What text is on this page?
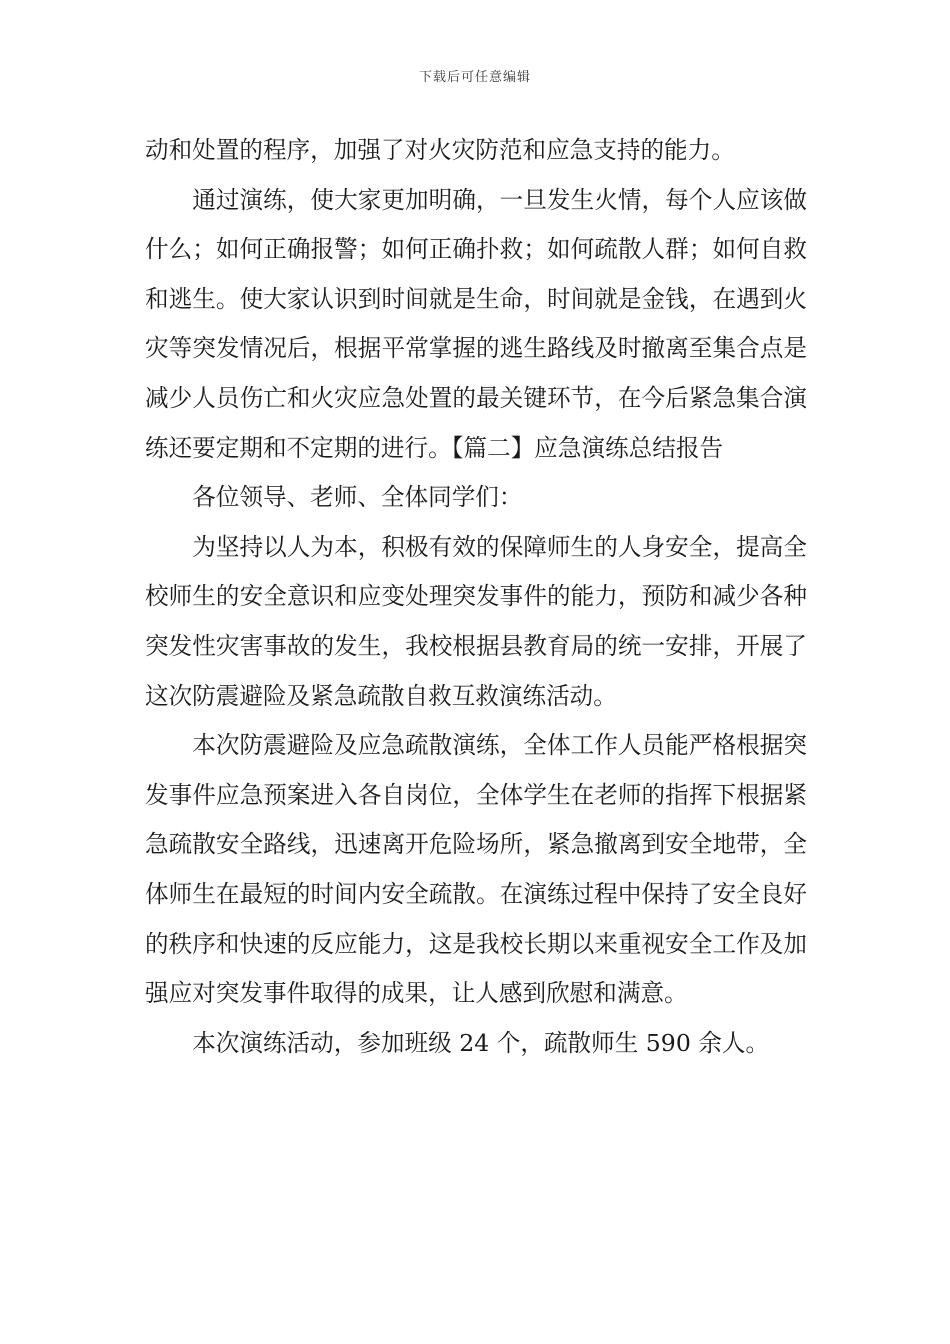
下载后可任意编辑

动和处置的程序，加强了对火灾防范和应急支持的能力。

通过演练，使大家更加明确，一旦发生火情，每个人应该做什么；如何正确报警；如何正确扑救；如何疏散人群；如何自救和逃生。使大家认识到时间就是生命，时间就是金钱，在遇到火灾等突发情况后，根据平常掌握的逃生路线及时撤离至集合点是减少人员伤亡和火灾应急处置的最关键环节，在今后紧急集合演练还要定期和不定期的进行。【篇二】应急演练总结报告

各位领导、老师、全体同学们：

为坚持以人为本，积极有效的保障师生的人身安全，提高全校师生的安全意识和应变处理突发事件的能力，预防和减少各种突发性灾害事故的发生，我校根据县教育局的统一安排，开展了这次防震避险及紧急疏散自救互救演练活动。

本次防震避险及应急疏散演练，全体工作人员能严格根据突发事件应急预案进入各自岗位，全体学生在老师的指挥下根据紧急疏散安全路线，迅速离开危险场所，紧急撤离到安全地带，全体师生在最短的时间内安全疏散。在演练过程中保持了安全良好的秩序和快速的反应能力，这是我校长期以来重视安全工作及加强应对突发事件取得的成果，让人感到欣慰和满意。

本次演练活动，参加班级 24 个，疏散师生 590 余人。
